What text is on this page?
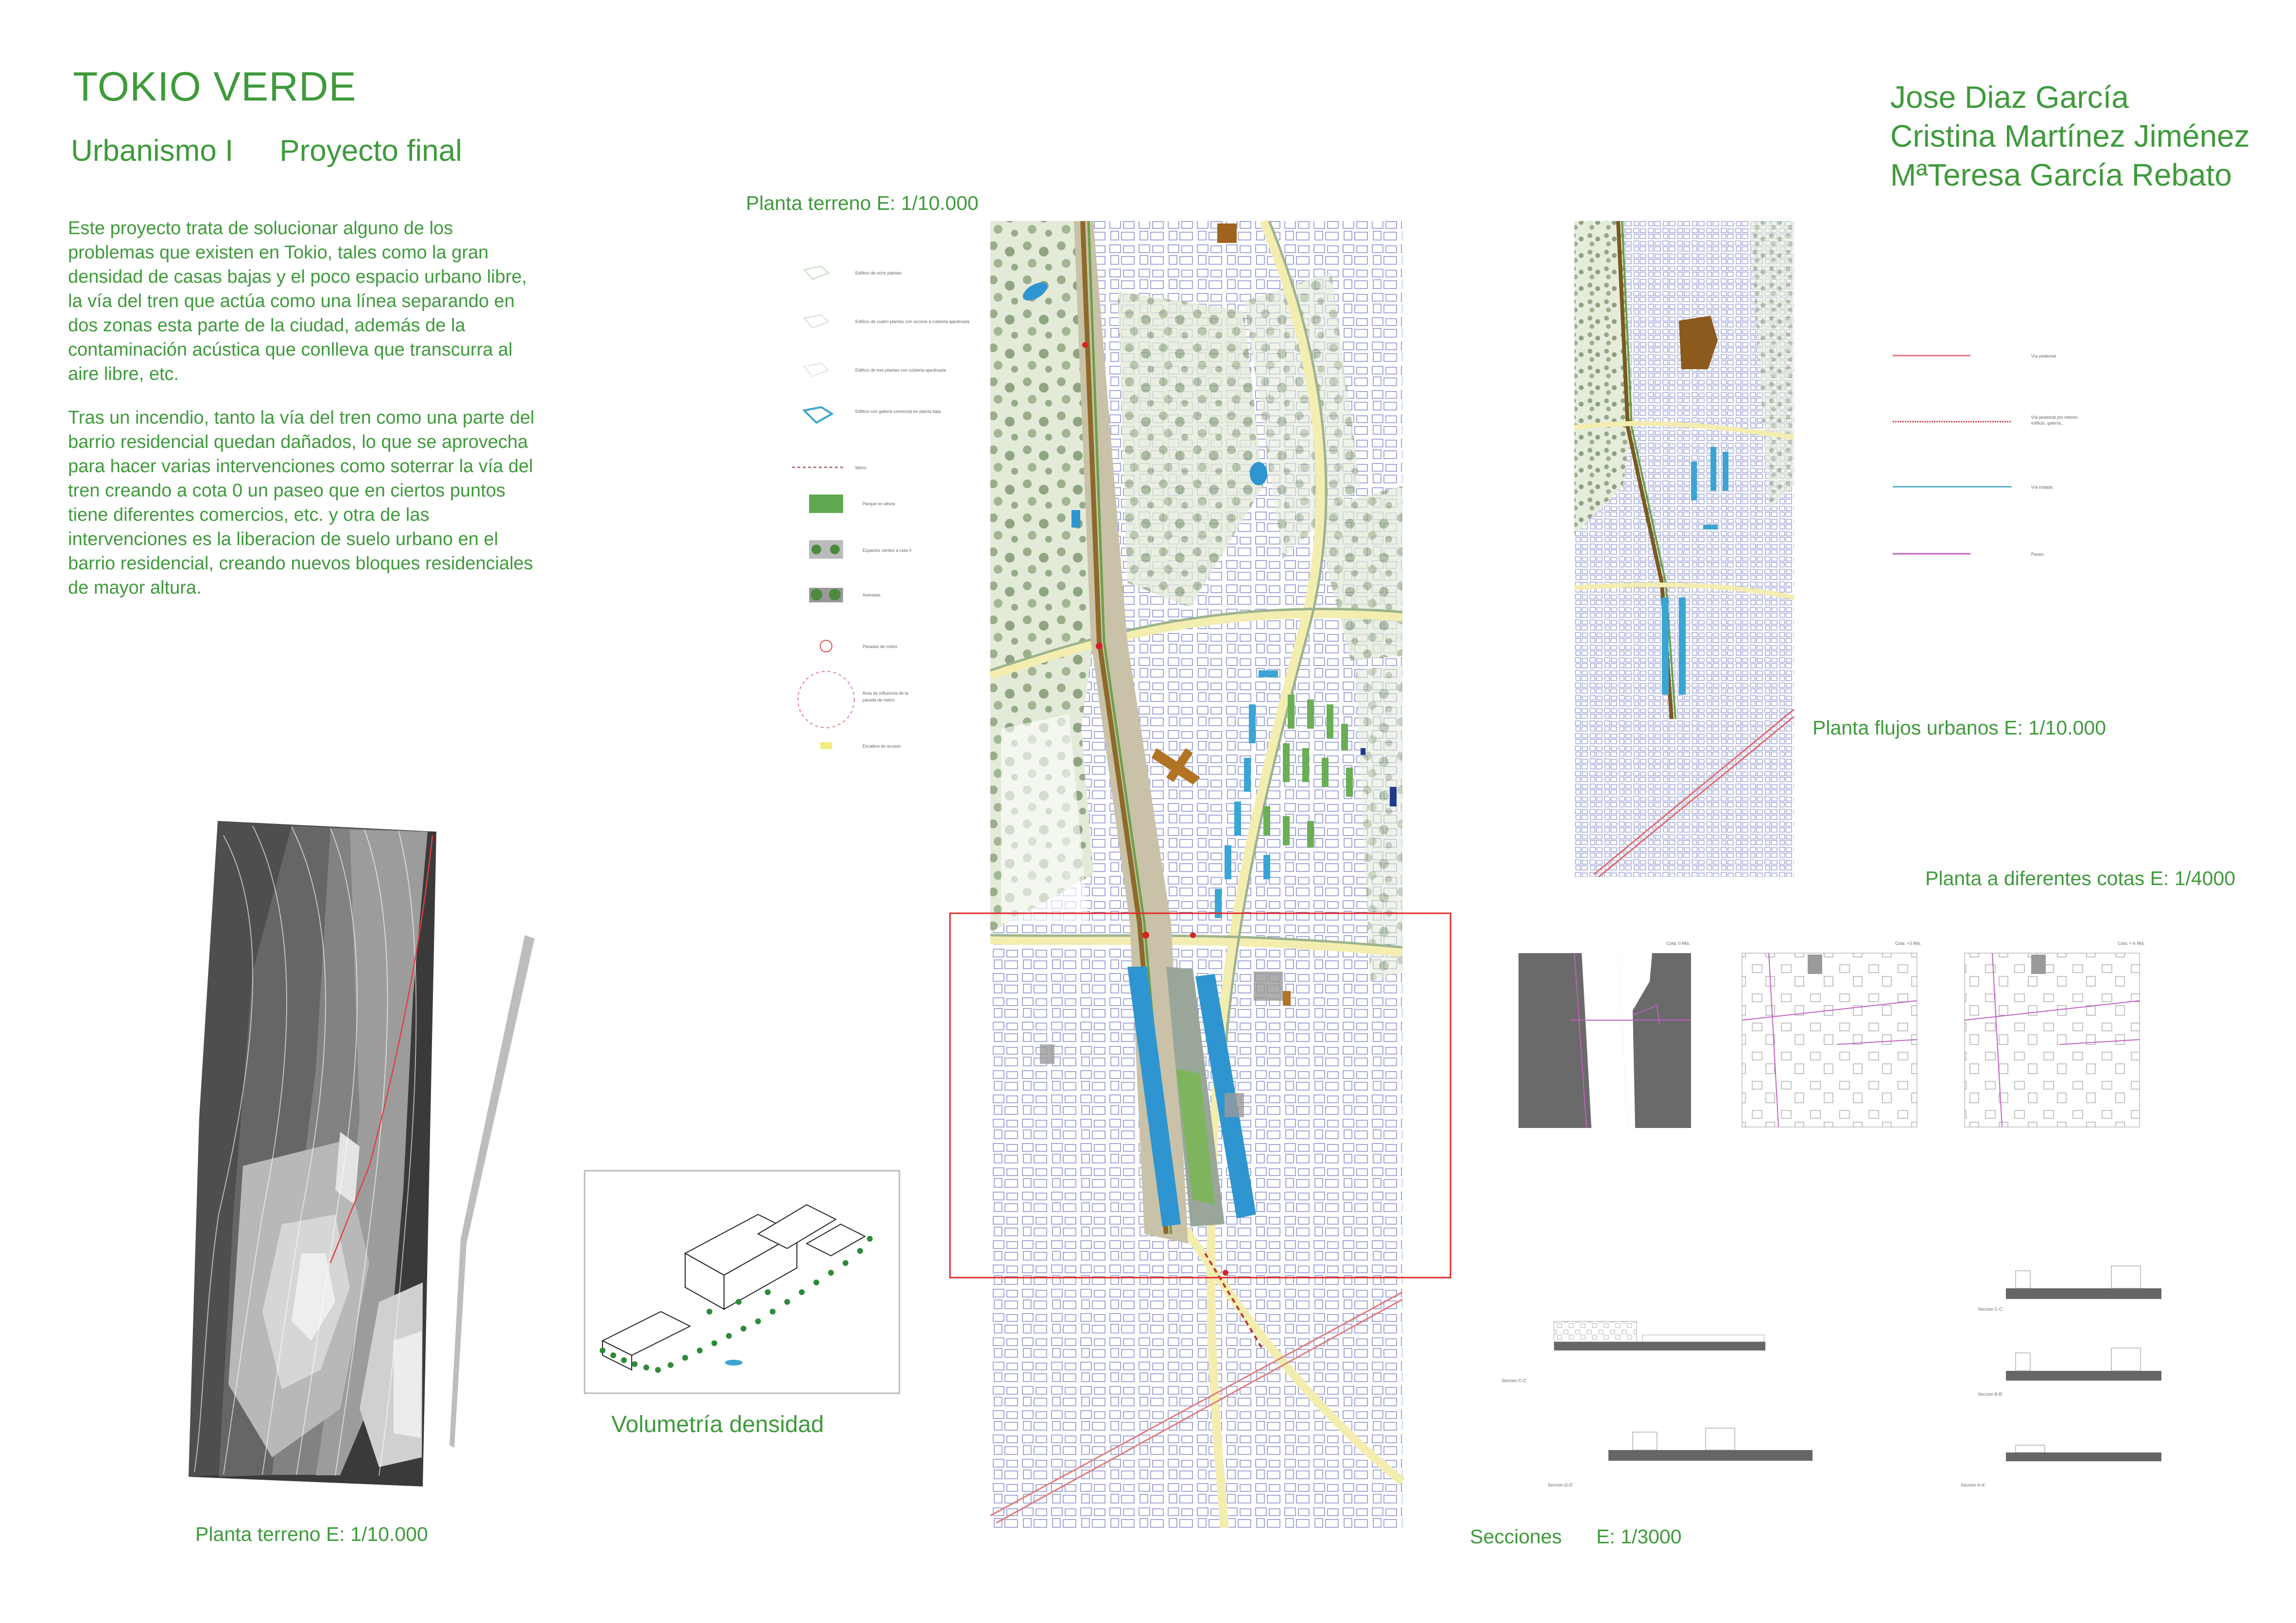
TOKIO VERDE
Urbanismo I Proyecto final
Este proyecto trata de solucionar alguno de los problemas que existen en Tokio, tales como la gran densidad de casas bajas y el poco espacio urbano libre, la vía del tren que actúa como una línea separando en dos zonas esta parte de la ciudad, además de la contaminación acústica que conlleva que transcurra al aire libre, etc.
Tras un incendio, tanto la vía del tren como una parte del barrio residencial quedan dañados, lo que se aprovecha para hacer varias intervenciones como soterrar la vía del tren creando a cota 0 un paseo que en ciertos puntos tiene diferentes comercios, etc. y otra de las intervenciones es la liberacion de suelo urbano en el barrio residencial, creando nuevos bloques residenciales de mayor altura.
Jose Diaz García
Cristina Martínez Jiménez
MªTeresa García Rebato
Planta terreno E: 1/10.000
Planta terreno E: 1/10.000
Volumetría densidad
Planta flujos urbanos E: 1/10.000
Planta a diferentes cotas E: 1/4000
Secciones E: 1/3000
Edificio de ocho plantas
Edificio de cuatro plantas con acceso a cubierta ajardinada
Edificio de tres plantas con cubierta ajardinada
Edificio con galería comercial en planta baja
Metro
Parque en altura
Espacios verdes a cota 0
Avenidas
Paradas de metro
Área de influencia de la
parada de metro
Escalera de acceso
Vía peatonal
Vía peatonal por interior
edificio, galería...
Vía rodada
Paseo
Cota: 0 Mts.	Cota: +3 Mts.	Cota: + 6 Mts.
Seccion C-C'
Seccion D-D'
Seccion C-C'
Seccion B-B'
Seccion A-A'
